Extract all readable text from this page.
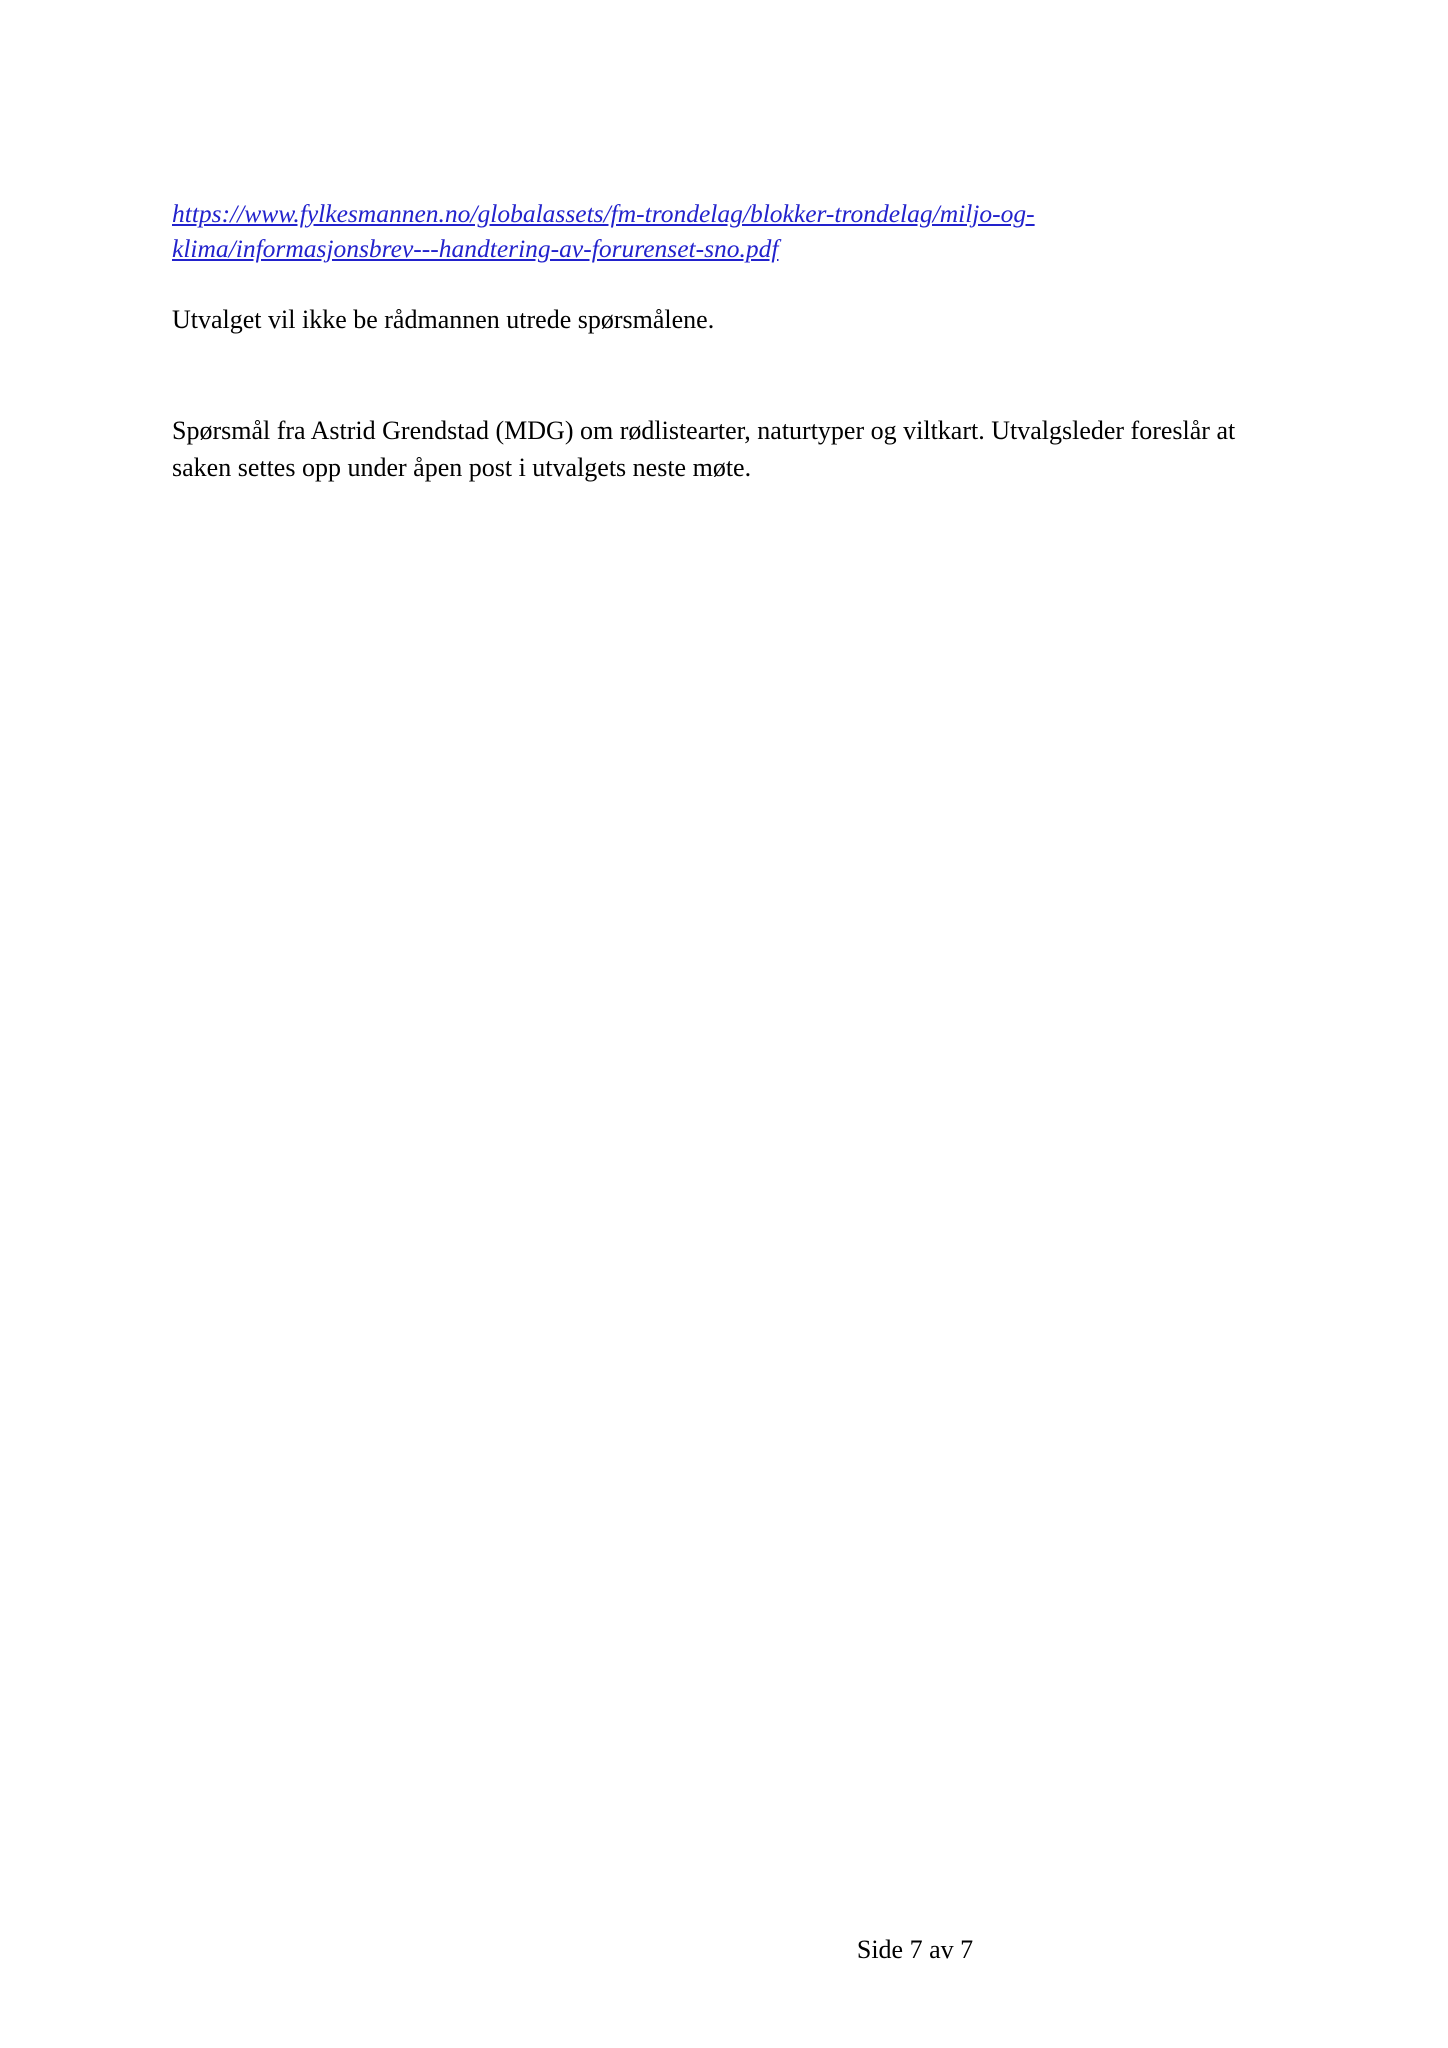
https://www.fylkesmannen.no/globalassets/fm-trondelag/blokker-trondelag/miljo-og-
klima/informasjonsbrev---handtering-av-forurenset-sno.pdf

Utvalget vil ikke be rådmannen utrede spørsmålene.

Spørsmål fra Astrid Grendstad (MDG) om rødlistearter, naturtyper og viltkart. Utvalgsleder foreslår at saken settes opp under åpen post i utvalgets neste møte.

Side 7 av 7
